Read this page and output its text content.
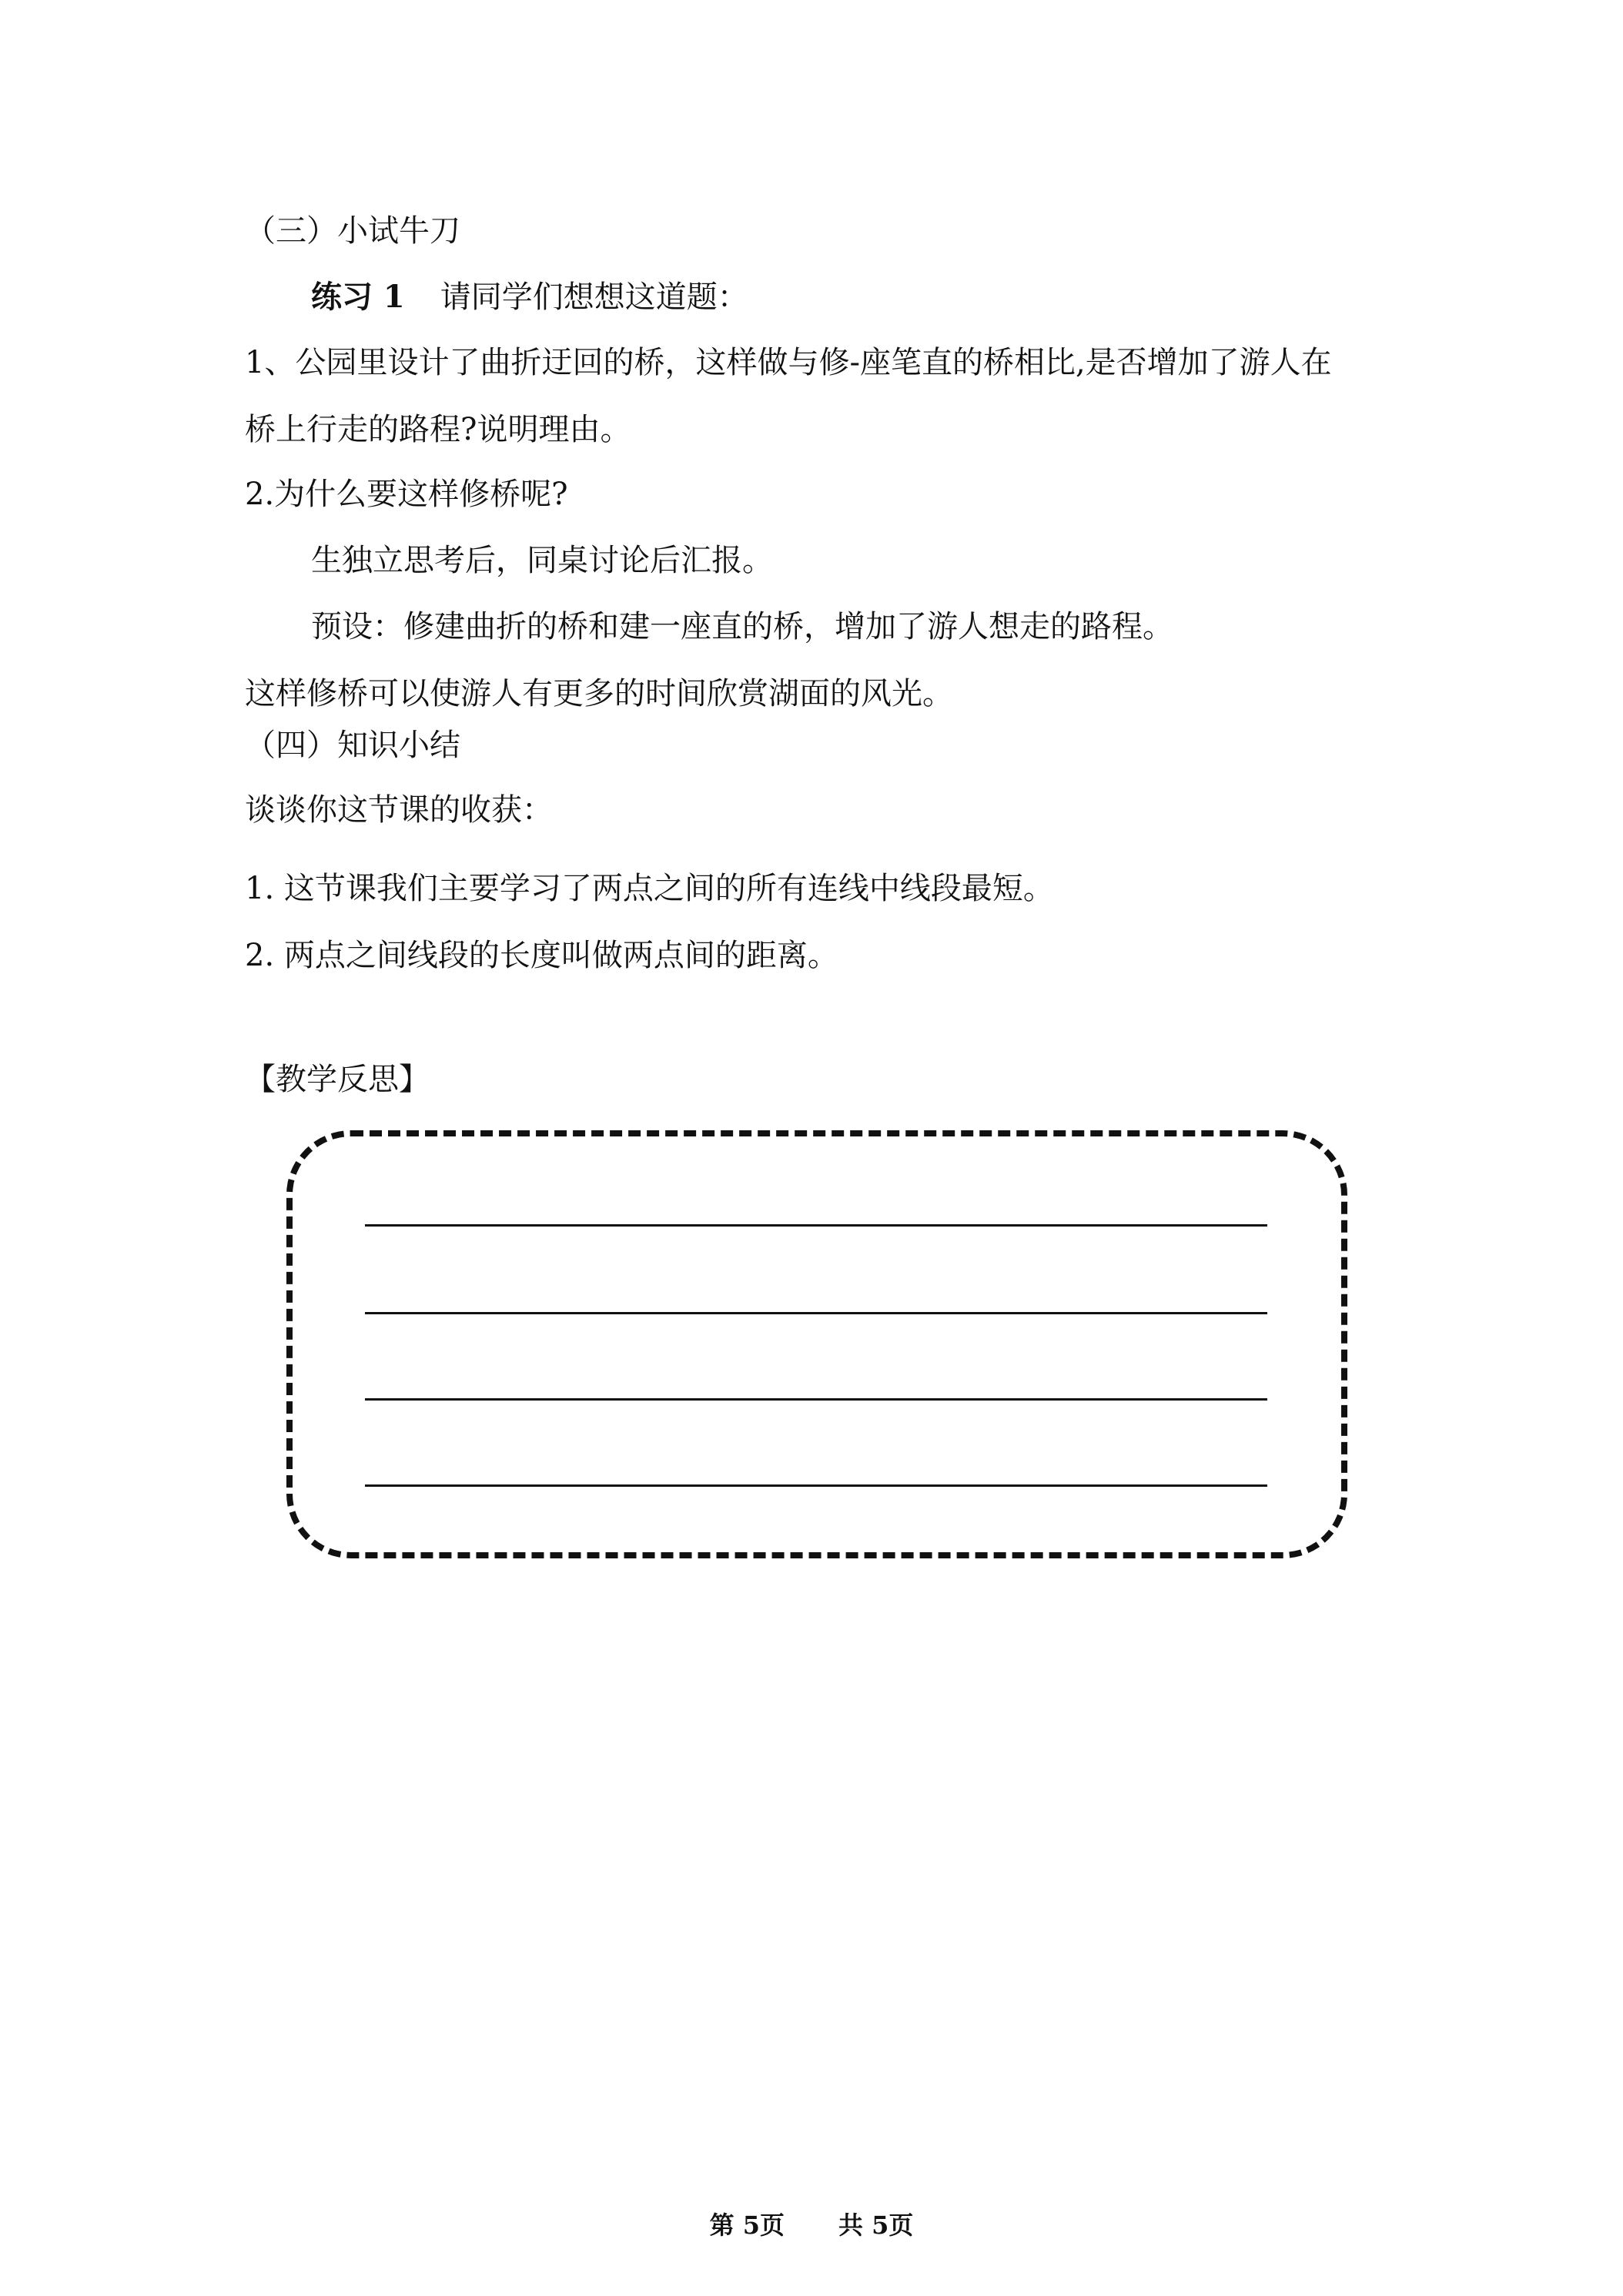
（三）小试牛刀
练习 1 请同学们想想这道题：
1、公园里设计了曲折迂回的桥，这样做与修-座笔直的桥相比,是否增加了游人在
桥上行走的路程?说明理由。
2.为什么要这样修桥呢?
生独立思考后，同桌讨论后汇报。
预设：修建曲折的桥和建一座直的桥，增加了游人想走的路程。
这样修桥可以使游人有更多的时间欣赏湖面的风光。
（四）知识小结
谈谈你这节课的收获：
1. 这节课我们主要学习了两点之间的所有连线中线段最短。
2. 两点之间线段的长度叫做两点间的距离。
【教学反思】
第 5页 共 5页
